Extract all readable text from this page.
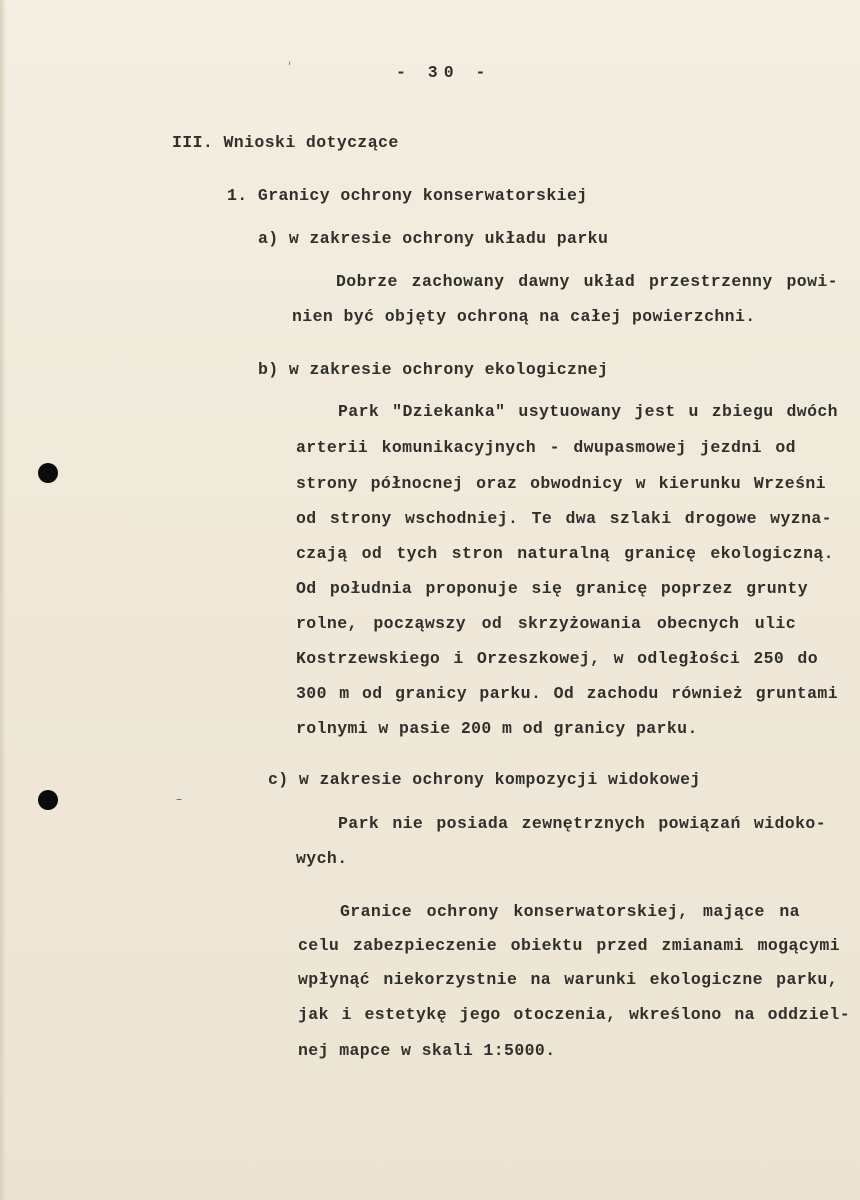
ˈ
–
- 30 -
III. Wnioski dotyczące
1. Granicy ochrony konserwatorskiej
a) w zakresie ochrony układu parku
Dobrze zachowany dawny układ przestrzenny powi-
nien być objęty ochroną na całej powierzchni.
b) w zakresie ochrony ekologicznej
Park "Dziekanka" usytuowany jest u zbiegu dwóch
arterii komunikacyjnych - dwupasmowej jezdni od
strony północnej oraz obwodnicy w kierunku Wrześni
od strony wschodniej. Te dwa szlaki drogowe wyzna-
czają od tych stron naturalną granicę ekologiczną.
Od południa proponuje się granicę poprzez grunty
rolne, począwszy od skrzyżowania obecnych ulic
Kostrzewskiego i Orzeszkowej, w odległości 250 do
300 m od granicy parku. Od zachodu również gruntami
rolnymi w pasie 200 m od granicy parku.
c) w zakresie ochrony kompozycji widokowej
Park nie posiada zewnętrznych powiązań widoko-
wych.
Granice ochrony konserwatorskiej, mające na
celu zabezpieczenie obiektu przed zmianami mogącymi
wpłynąć niekorzystnie na warunki ekologiczne parku,
jak i estetykę jego otoczenia, wkreślono na oddziel-
nej mapce w skali 1:5000.
